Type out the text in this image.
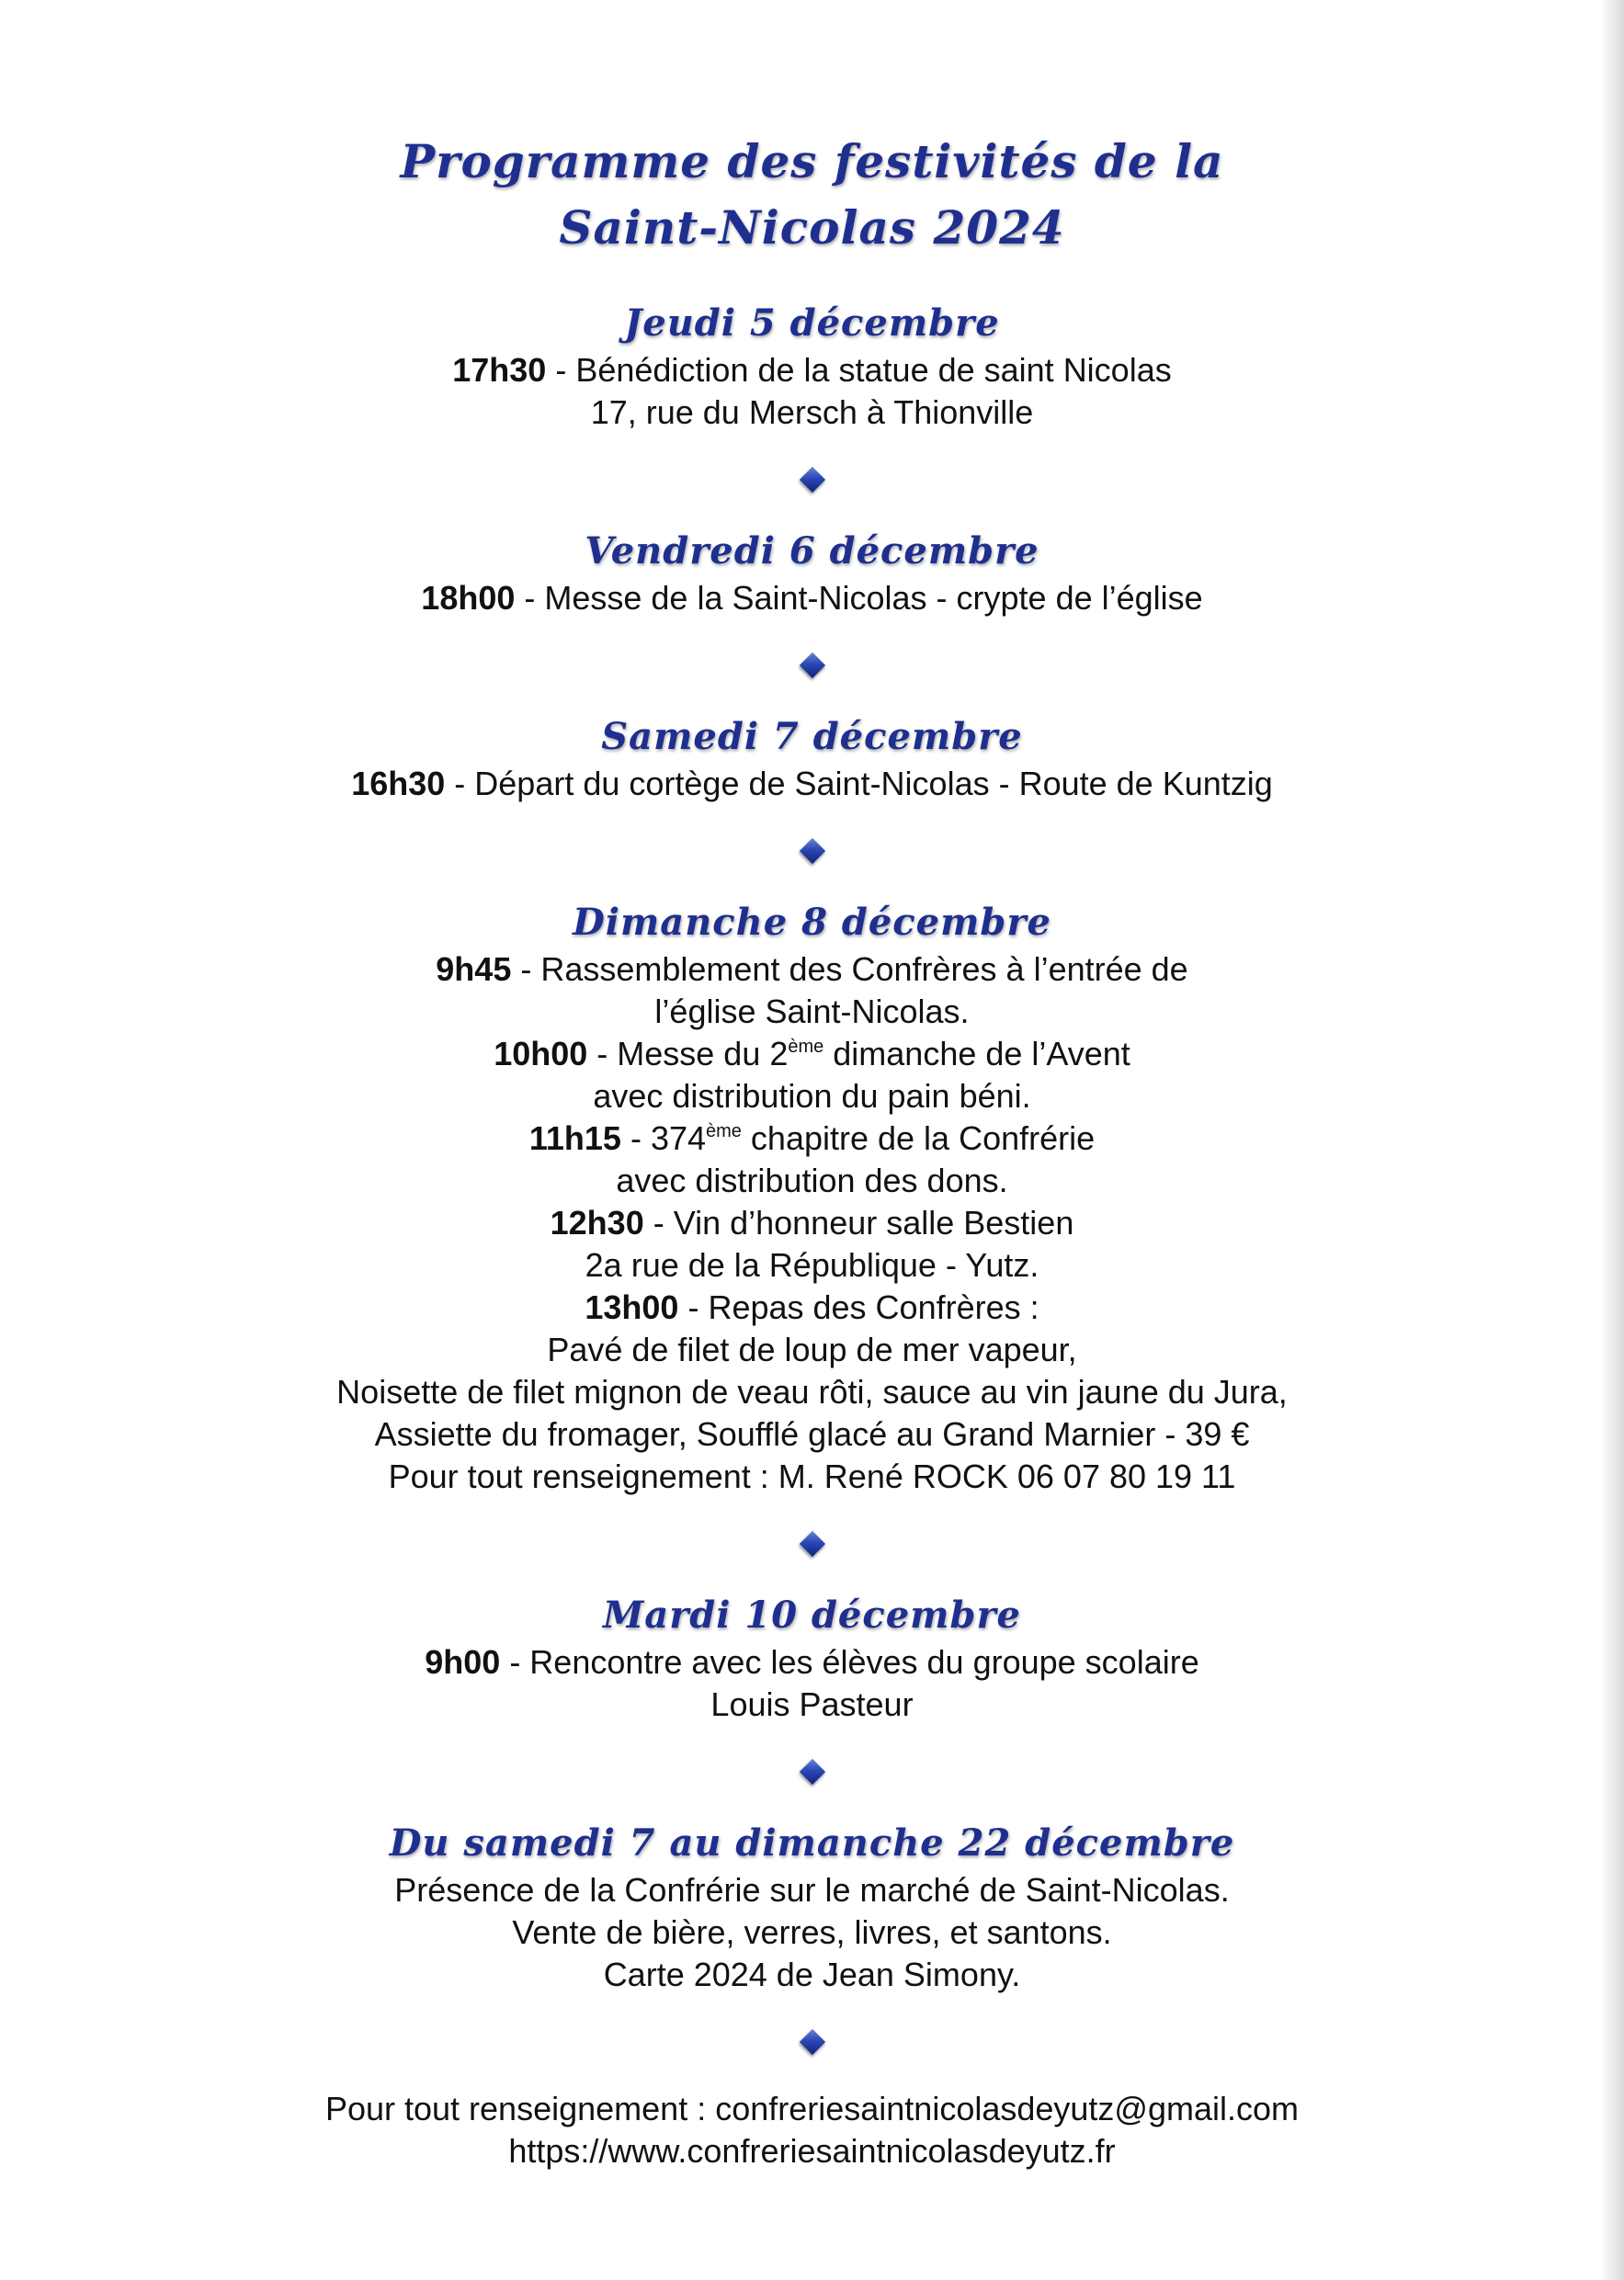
Programme des festivités de la
Saint-Nicolas 2024
Jeudi 5 décembre
17h30 - Bénédiction de la statue de saint Nicolas
17, rue du Mersch à Thionville
Vendredi 6 décembre
18h00 - Messe de la Saint-Nicolas - crypte de l’église
Samedi 7 décembre
16h30 - Départ du cortège de Saint-Nicolas - Route de Kuntzig
Dimanche 8 décembre
9h45 - Rassemblement des Confrères à l’entrée de
l’église Saint-Nicolas.
10h00 - Messe du 2ème dimanche de l’Avent
avec distribution du pain béni.
11h15 - 374ème chapitre de la Confrérie
avec distribution des dons.
12h30 - Vin d’honneur salle Bestien
2a rue de la République - Yutz.
13h00 - Repas des Confrères :
Pavé de filet de loup de mer vapeur,
Noisette de filet mignon de veau rôti, sauce au vin jaune du Jura,
Assiette du fromager, Soufflé glacé au Grand Marnier - 39 €
Pour tout renseignement : M. René ROCK 06 07 80 19 11
Mardi 10 décembre
9h00 - Rencontre avec les élèves du groupe scolaire
Louis Pasteur
Du samedi 7 au dimanche 22 décembre
Présence de la Confrérie sur le marché de Saint-Nicolas.
Vente de bière, verres, livres, et santons.
Carte 2024 de Jean Simony.
Pour tout renseignement : confreriesaintnicolasdeyutz@gmail.com
https://www.confreriesaintnicolasdeyutz.fr
